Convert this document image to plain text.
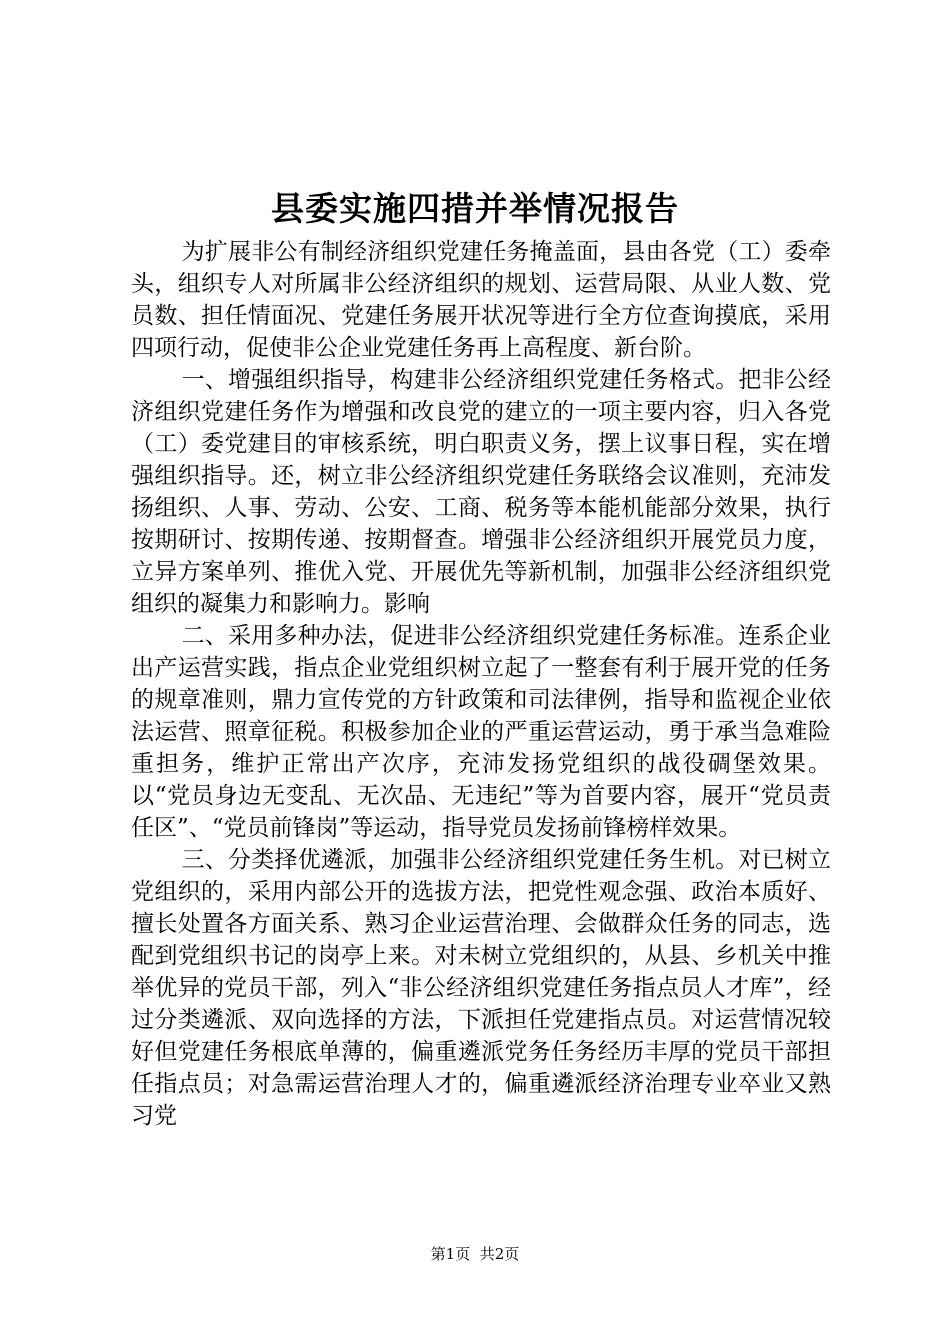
县委实施四措并举情况报告

为扩展非公有制经济组织党建任务掩盖面，县由各党（工）委牵头，组织专人对所属非公经济组织的规划、运营局限、从业人数、党员数、担任情面况、党建任务展开状况等进行全方位查询摸底，采用四项行动，促使非公企业党建任务再上高程度、新台阶。

一、增强组织指导，构建非公经济组织党建任务格式。把非公经济组织党建任务作为增强和改良党的建立的一项主要内容，归入各党（工）委党建目的审核系统，明白职责义务，摆上议事日程，实在增强组织指导。还，树立非公经济组织党建任务联络会议准则，充沛发扬组织、人事、劳动、公安、工商、税务等本能机能部分效果，执行按期研讨、按期传递、按期督查。增强非公经济组织开展党员力度，立异方案单列、推优入党、开展优先等新机制，加强非公经济组织党组织的凝集力和影响力。影响

二、采用多种办法，促进非公经济组织党建任务标准。连系企业出产运营实践，指点企业党组织树立起了一整套有利于展开党的任务的规章准则，鼎力宣传党的方针政策和司法律例，指导和监视企业依法运营、照章征税。积极参加企业的严重运营运动，勇于承当急难险重担务，维护正常出产次序，充沛发扬党组织的战役碉堡效果。以“党员身边无变乱、无次品、无违纪”等为首要内容，展开“党员责任区”、“党员前锋岗”等运动，指导党员发扬前锋榜样效果。

三、分类择优遴派，加强非公经济组织党建任务生机。对已树立党组织的，采用内部公开的选拔方法，把党性观念强、政治本质好、擅长处置各方面关系、熟习企业运营治理、会做群众任务的同志，选配到党组织书记的岗亭上来。对未树立党组织的，从县、乡机关中推举优异的党员干部，列入“非公经济组织党建任务指点员人才库”，经过分类遴派、双向选择的方法，下派担任党建指点员。对运营情况较好但党建任务根底单薄的，偏重遴派党务任务经历丰厚的党员干部担任指点员；对急需运营治理人才的，偏重遴派经济治理专业卒业又熟习党

第1页 共2页
